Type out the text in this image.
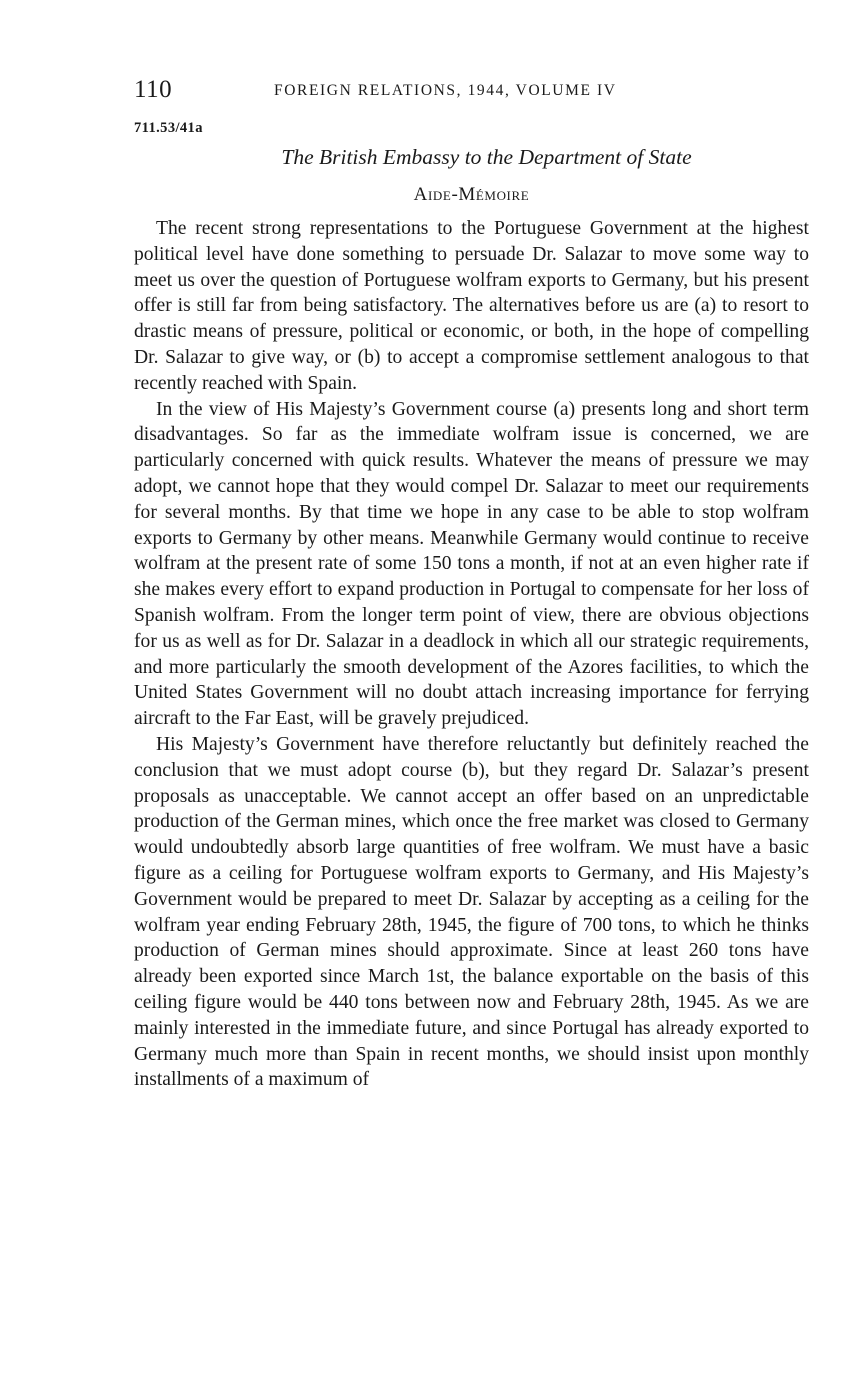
110	FOREIGN RELATIONS, 1944, VOLUME IV
711.53/41a
The British Embassy to the Department of State
Aide-Mémoire

The recent strong representations to the Portuguese Government at the highest political level have done something to persuade Dr. Salazar to move some way to meet us over the question of Portuguese wolfram exports to Germany, but his present offer is still far from being satisfactory. The alternatives before us are (a) to resort to drastic means of pressure, political or economic, or both, in the hope of compelling Dr. Salazar to give way, or (b) to accept a compromise settlement analogous to that recently reached with Spain.

In the view of His Majesty’s Government course (a) presents long and short term disadvantages. So far as the immediate wolfram issue is concerned, we are particularly concerned with quick results. Whatever the means of pressure we may adopt, we cannot hope that they would compel Dr. Salazar to meet our requirements for several months. By that time we hope in any case to be able to stop wolfram exports to Germany by other means. Meanwhile Germany would continue to receive wolfram at the present rate of some 150 tons a month, if not at an even higher rate if she makes every effort to expand production in Portugal to compensate for her loss of Spanish wolfram. From the longer term point of view, there are obvious objections for us as well as for Dr. Salazar in a deadlock in which all our strategic requirements, and more particularly the smooth development of the Azores facilities, to which the United States Government will no doubt attach increasing importance for ferrying aircraft to the Far East, will be gravely prejudiced.

His Majesty’s Government have therefore reluctantly but definitely reached the conclusion that we must adopt course (b), but they regard Dr. Salazar’s present proposals as unacceptable. We cannot accept an offer based on an unpredictable production of the German mines, which once the free market was closed to Germany would undoubtedly absorb large quantities of free wolfram. We must have a basic figure as a ceiling for Portuguese wolfram exports to Germany, and His Majesty’s Government would be prepared to meet Dr. Salazar by accepting as a ceiling for the wolfram year ending February 28th, 1945, the figure of 700 tons, to which he thinks production of German mines should approximate. Since at least 260 tons have already been exported since March 1st, the balance exportable on the basis of this ceiling figure would be 440 tons between now and February 28th, 1945. As we are mainly interested in the immediate future, and since Portugal has already exported to Germany much more than Spain in recent months, we should insist upon monthly installments of a maximum of
